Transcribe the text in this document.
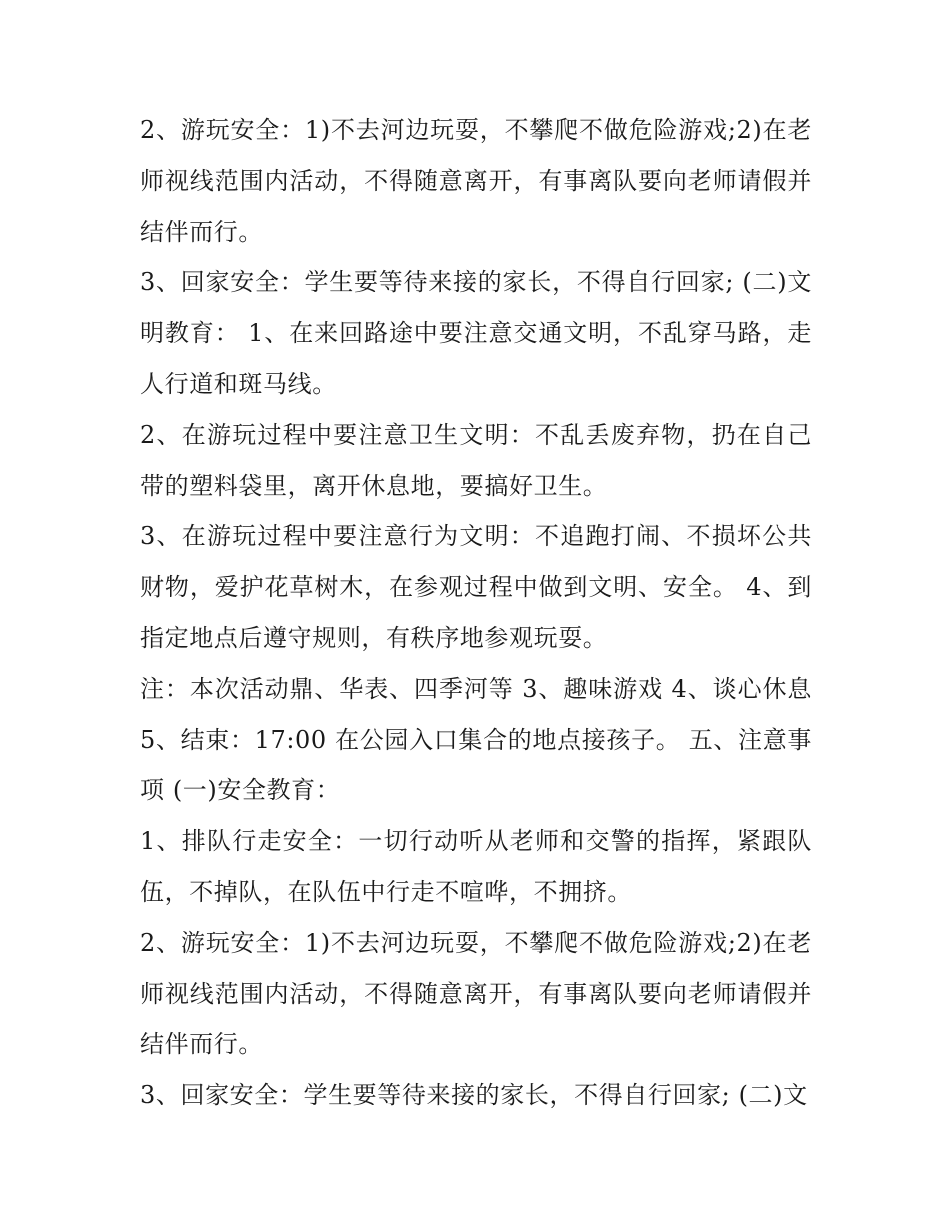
2、游玩安全：1)不去河边玩耍，不攀爬不做危险游戏;2)在老师视线范围内活动，不得随意离开，有事离队要向老师请假并结伴而行。

3、回家安全：学生要等待来接的家长，不得自行回家; (二)文明教育： 1、在来回路途中要注意交通文明，不乱穿马路，走人行道和斑马线。

2、在游玩过程中要注意卫生文明：不乱丢废弃物，扔在自己带的塑料袋里，离开休息地，要搞好卫生。

3、在游玩过程中要注意行为文明：不追跑打闹、不损坏公共财物，爱护花草树木，在参观过程中做到文明、安全。 4、到指定地点后遵守规则，有秩序地参观玩耍。

注：本次活动鼎、华表、四季河等 3、趣味游戏 4、谈心休息 5、结束：17:00 在公园入口集合的地点接孩子。 五、注意事项 (一)安全教育：

1、排队行走安全：一切行动听从老师和交警的指挥，紧跟队伍，不掉队，在队伍中行走不喧哗，不拥挤。

2、游玩安全：1)不去河边玩耍，不攀爬不做危险游戏;2)在老师视线范围内活动，不得随意离开，有事离队要向老师请假并结伴而行。

3、回家安全：学生要等待来接的家长，不得自行回家; (二)文
